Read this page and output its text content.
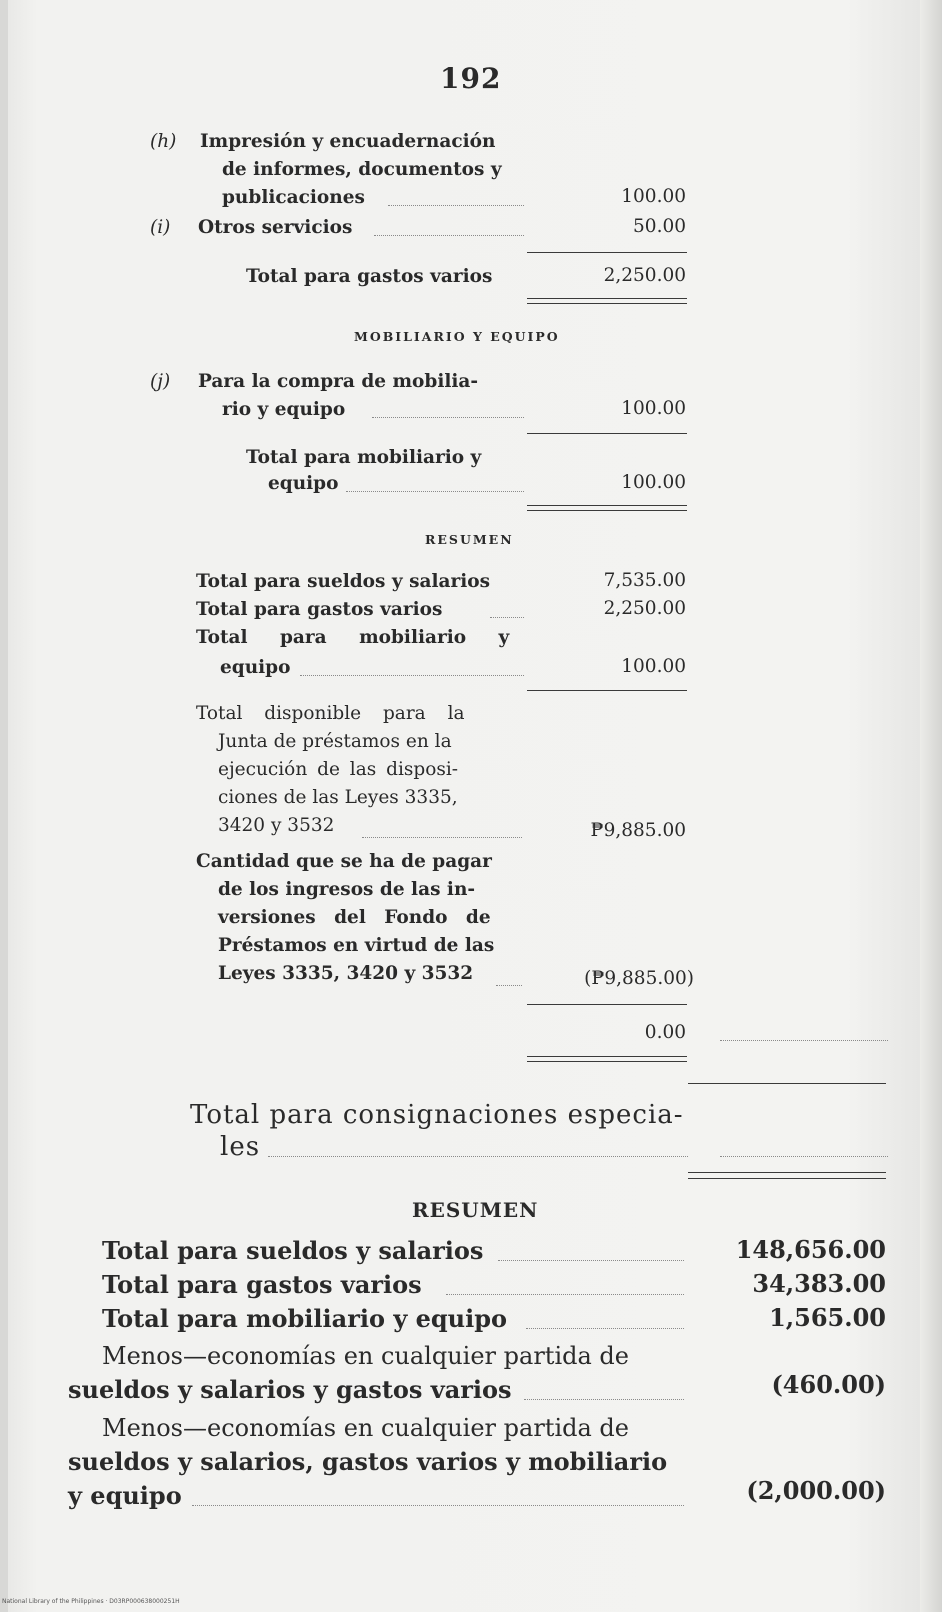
192
(h) Impresión y encuadernación
de informes, documentos y
publicaciones	100.00
(i) Otros servicios	50.00
Total para gastos varios	2,250.00
MOBILIARIO Y EQUIPO
(j) Para la compra de mobilia-
rio y equipo	100.00
Total para mobiliario y
equipo	100.00
RESUMEN
Total para sueldos y salarios	7,535.00
Total para gastos varios	2,250.00
Total para mobiliario y
equipo	100.00
Total disponible para la
Junta de préstamos en la
ejecución de las disposi-
ciones de las Leyes 3335,
3420 y 3532	₱9,885.00
Cantidad que se ha de pagar
de los ingresos de las in-
versiones del Fondo de
Préstamos en virtud de las
Leyes 3335, 3420 y 3532	(₱9,885.00)
0.00
Total para consignaciones especia-
les
RESUMEN
Total para sueldos y salarios	148,656.00
Total para gastos varios	34,383.00
Total para mobiliario y equipo	1,565.00
Menos—economías en cualquier partida de
sueldos y salarios y gastos varios	(460.00)
Menos—economías en cualquier partida de
sueldos y salarios, gastos varios y mobiliario
y equipo	(2,000.00)
National Library of the Philippines · D03RP000638000251H
